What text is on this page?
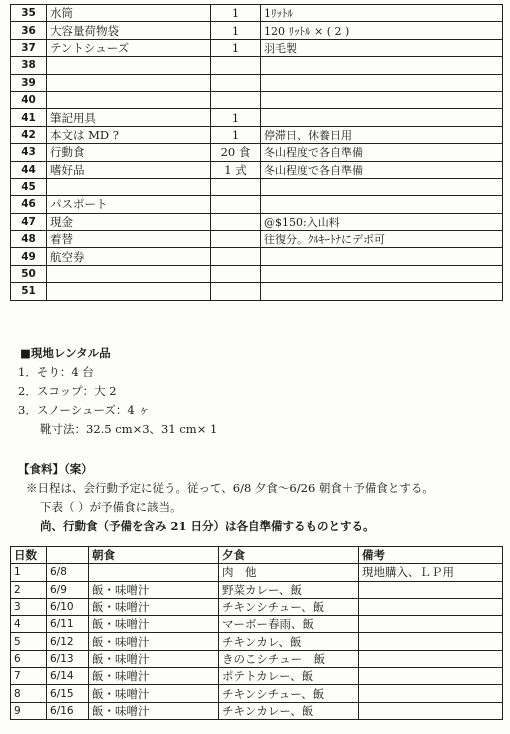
35	水筒	1	1ﾘｯﾄﾙ
36	大容量荷物袋	1	120 ﾘｯﾄﾙ × ( 2 )
37	テントシューズ	1	羽毛製
38			
39			
40			
41	筆記用具	1	
42	本文は MD ?	1	停滞日、休養日用
43	行動食	20 食	冬山程度で各自準備
44	嗜好品	1 式	冬山程度で各自準備
45			
46	パスポート		
47	現金		@$150:入山料
48	着替		往復分。ｸﾙｷｰﾄﾅにデポ可
49	航空券		
50			
51			
■現地レンタル品
1．そり：4 台
2．スコップ：大 2
3．スノーシューズ：4 ヶ
靴寸法：32.5 cm×3、31 cm× 1
【食料】（案）
※日程は、会行動予定に従う。従って、6/8 夕食～6/26 朝食＋予備食とする。
下表（ ）が予備食に該当。
尚、行動食（予備を含み 21 日分）は各自準備するものとする。
日数		朝食	夕食	備考
1	6/8		肉　他	現地購入、ＬＰ用
2	6/9	飯・味噌汁	野菜カレー、飯	
3	6/10	飯・味噌汁	チキンシチュー、飯	
4	6/11	飯・味噌汁	マーボー春雨、飯	
5	6/12	飯・味噌汁	チキンカレ、飯	
6	6/13	飯・味噌汁	きのこシチュー　飯	
7	6/14	飯・味噌汁	ポテトカレー、飯	
8	6/15	飯・味噌汁	チキンシチュー、飯	
9	6/16	飯・味噌汁	チキンカレー、飯	
